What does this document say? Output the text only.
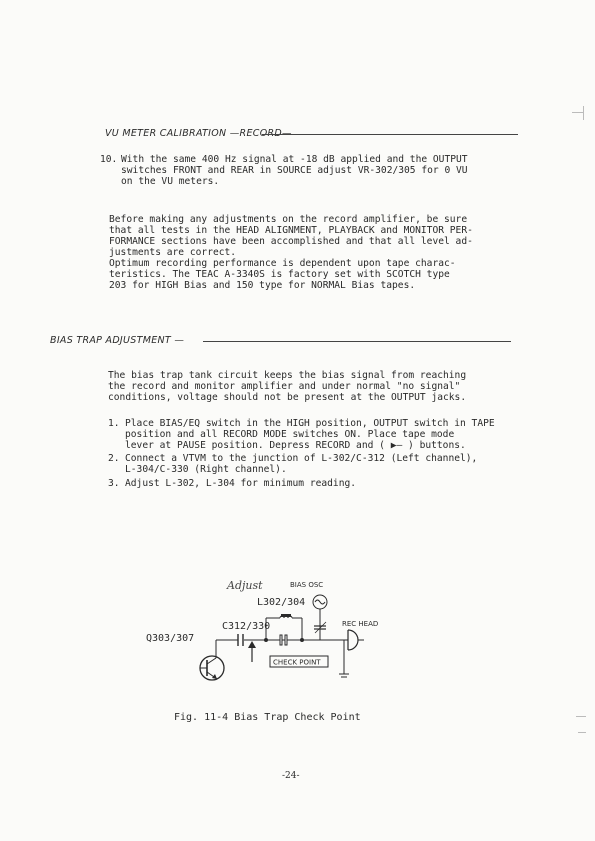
VU METER CALIBRATION —RECORD—
10. With the same 400 Hz signal at -18 dB applied and the OUTPUT
switches FRONT and REAR in SOURCE adjust VR-302/305 for 0 VU
on the VU meters.
Before making any adjustments on the record amplifier, be sure
that all tests in the HEAD ALIGNMENT, PLAYBACK and MONITOR PER-
FORMANCE sections have been accomplished and that all level ad-
justments are correct.
Optimum recording performance is dependent upon tape charac-
teristics. The TEAC A-3340S is factory set with SCOTCH type
203 for HIGH Bias and 150 type for NORMAL Bias tapes.
BIAS TRAP ADJUSTMENT —
The bias trap tank circuit keeps the bias signal from reaching
the record and monitor amplifier and under normal "no signal"
conditions, voltage should not be present at the OUTPUT jacks.
1. Place BIAS/EQ switch in the HIGH position, OUTPUT switch in TAPE
position and all RECORD MODE switches ON. Place tape mode
lever at PAUSE position. Depress RECORD and ( ▶— ) buttons.
2. Connect a VTVM to the junction of L-302/C-312 (Left channel),
L-304/C-330 (Right channel).
3. Adjust L-302, L-304 for minimum reading.
Adjust	BIAS OSC
L302/304
C312/330
Q303/307
REC HEAD
CHECK POINT
Fig. 11-4 Bias Trap Check Point
-24-
